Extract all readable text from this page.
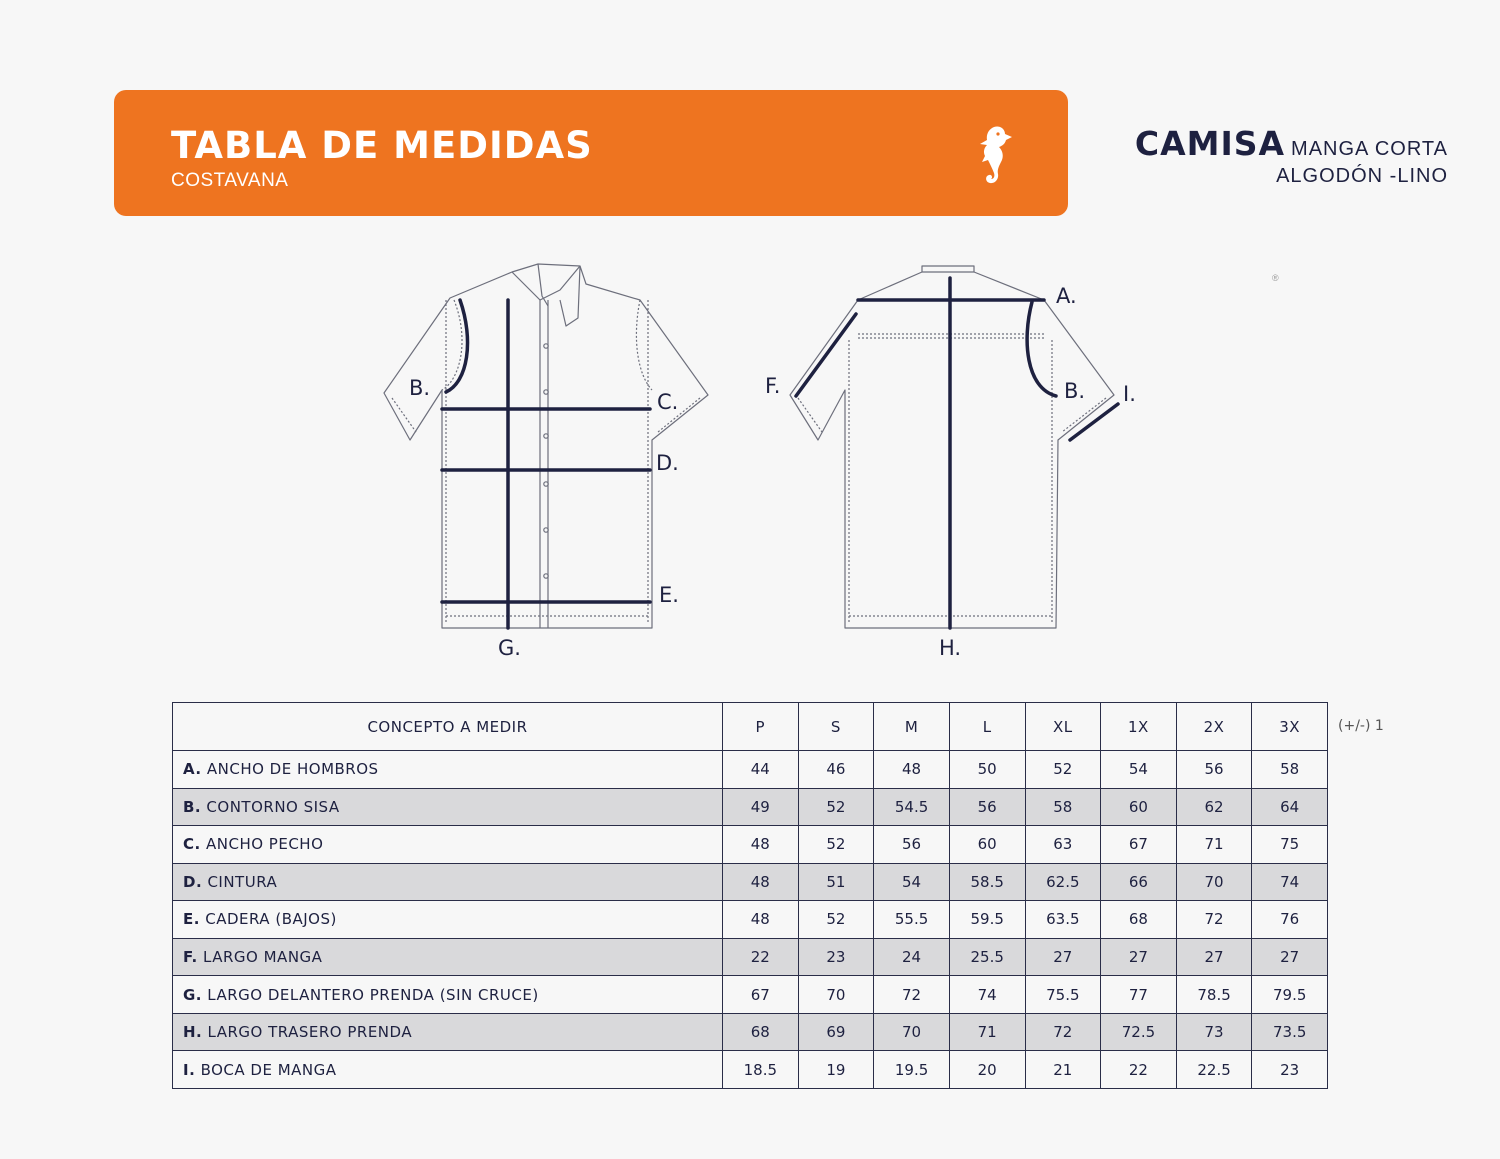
TABLA DE MEDIDAS
COSTAVANA
CAMISA MANGA CORTA
ALGODÓN -LINO
®
B.
C.
D.
E.
G.
A.
B. I.
F.
H.
CONCEPTO A MEDIR	P	S	M	L	XL	1X	2X	3X
A. ANCHO DE HOMBROS	44	46	48	50	52	54	56	58
B. CONTORNO SISA	49	52	54.5	56	58	60	62	64
C. ANCHO PECHO	48	52	56	60	63	67	71	75
D. CINTURA	48	51	54	58.5	62.5	66	70	74
E. CADERA (BAJOS)	48	52	55.5	59.5	63.5	68	72	76
F. LARGO MANGA	22	23	24	25.5	27	27	27	27
G. LARGO DELANTERO PRENDA (SIN CRUCE)	67	70	72	74	75.5	77	78.5	79.5
H. LARGO TRASERO PRENDA	68	69	70	71	72	72.5	73	73.5
I. BOCA DE MANGA	18.5	19	19.5	20	21	22	22.5	23
(+/-) 1
